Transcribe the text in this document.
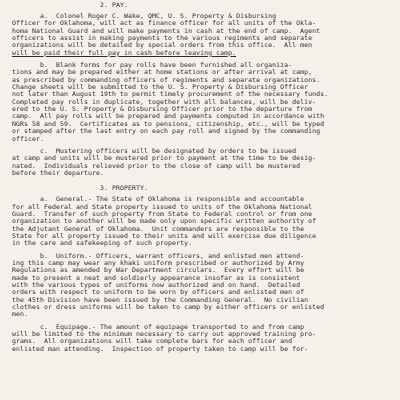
2. PAY.
a.  Colonel Roger C. Wake, QMC, U. S. Property & Disbursing
Officer for Oklahoma, will act as finance officer for all units of the Okla-
homa National Guard and will make payments in cash at the end of camp.  Agent
officers to assist in making payments to the various regiments and separate
organizations will be detailed by special orders from this office.  All men
will be paid their full pay in cash before leaving camp.
b.  Blank forms for pay rolls have been furnished all organiza-
tions and may be prepared either at home stations or after arrival at camp,
as prescribed by commanding officers of regiments and separate organizations.
Change sheets will be submitted to the U. S. Property & Disbursing Officer
not later than August 19th to permit timely procurement of the necessary funds.
Completed pay rolls in duplicate, together with all balances, will be deliv-
ered to the U. S. Property & Disbursing Officer prior to the departure from
camp.  All pay rolls will be prepared and payments computed in accordance with
NGRs 58 and 59.  Certificates as to pensions, citizenship, etc., will be typed
or stamped after the last entry on each pay roll and signed by the commanding
officer.
c.  Mustering officers will be designated by orders to be issued
at camp and units will be mustered prior to payment at the time to be desig-
nated.  Individuals relieved prior to the close of camp will be mustered
before their departure.
3. PROPERTY.
a.  General.- The State of Oklahoma is responsible and accountable
for all Federal and State property issued to units of the Oklahoma National
Guard.  Transfer of such property from State to Federal control or from one
organization to another will be made only upon specific written authority of
the Adjutant General of Oklahoma.  Unit commanders are responsible to the
State for all property issued to their units and will exercise due diligence
in the care and safekeeping of such property.
b.  Uniform.- Officers, warrant officers, and enlisted men attend-
ing this camp may wear any khaki uniform prescribed or authorized by Army
Regulations as amended by War Department circulars.  Every effort will be
made to present a neat and soldierly appearance insofar as is consistent
with the various types of uniforms now authorized and on hand.  Detailed
orders with respect to uniform to be worn by officers and enlisted men of
the 45th Division have been issued by the Commanding General.  No civilian
clothes or dress uniforms will be taken to camp by either officers or enlisted
men.
c.  Equipage.- The amount of equipage transported to and from camp
will be limited to the minimum necessary to carry out approved training pro-
grams.  All organizations will take complete bars for each officer and
enlisted man attending.  Inspection of property taken to camp will be for-
